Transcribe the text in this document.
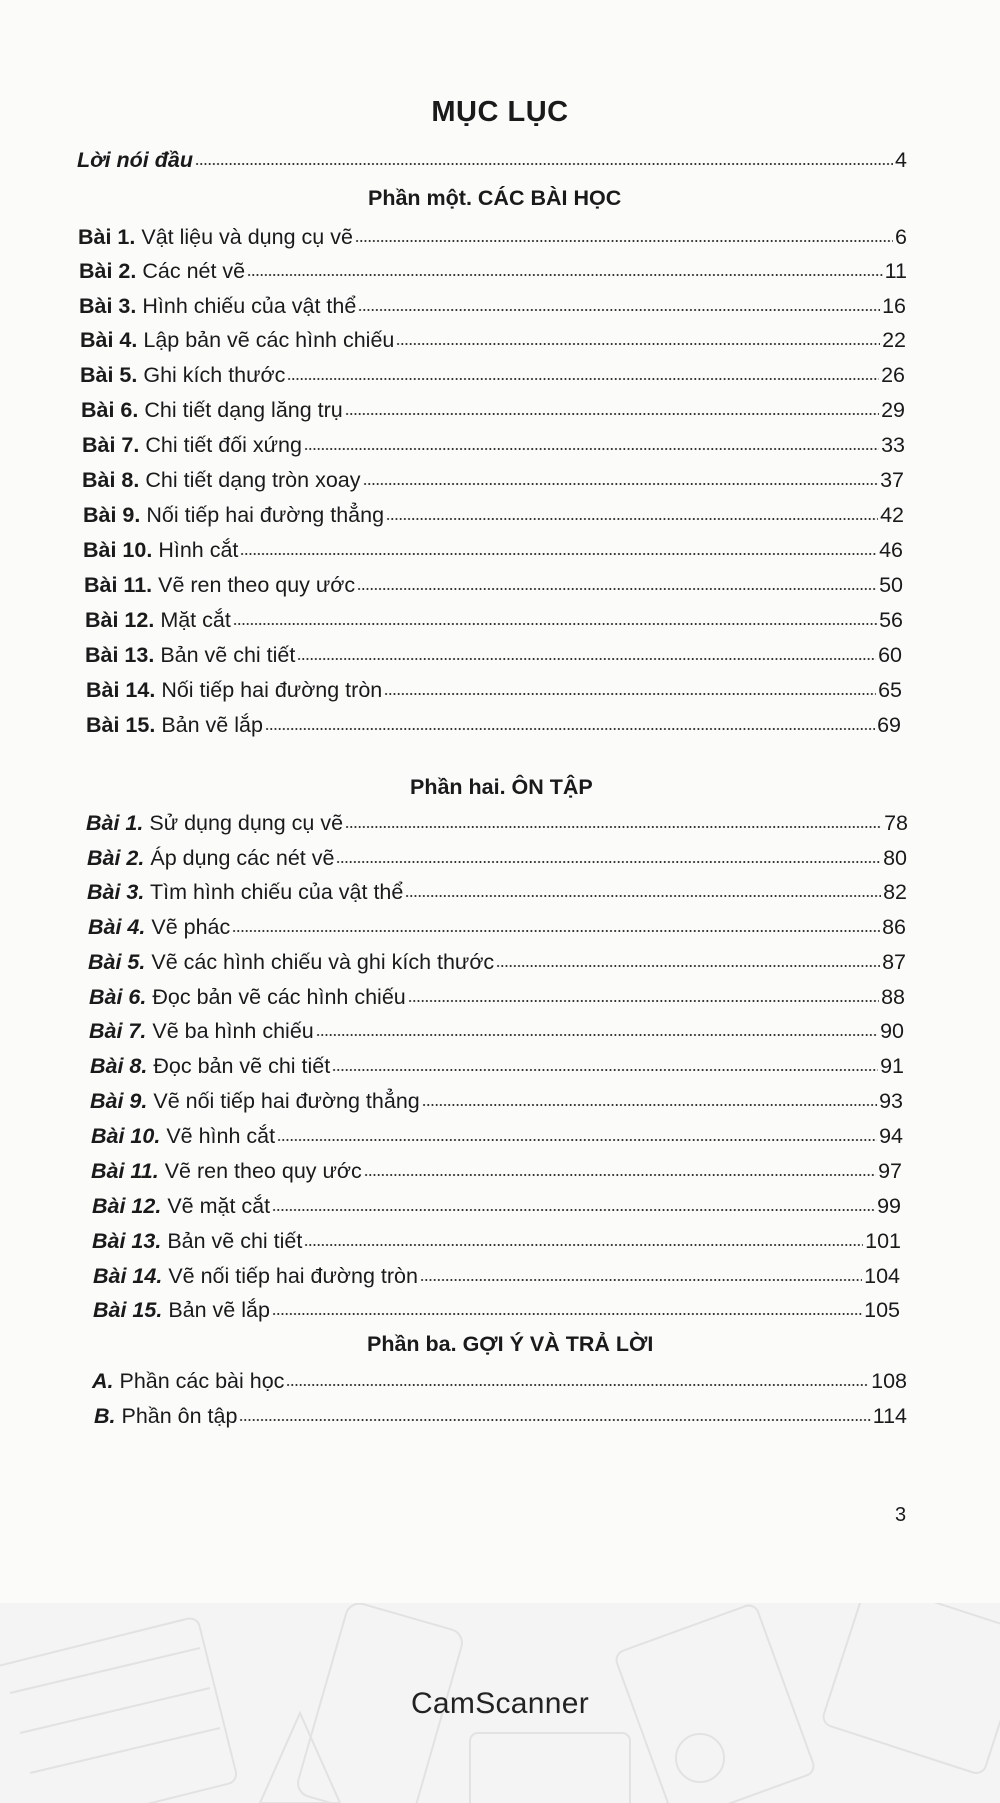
MỤC LỤC
Lời nói đầu	4
Phần một. CÁC BÀI HỌC
Bài 1. Vật liệu và dụng cụ vẽ	6
Bài 2. Các nét vẽ	11
Bài 3. Hình chiếu của vật thể	16
Bài 4. Lập bản vẽ các hình chiếu	22
Bài 5. Ghi kích thước	26
Bài 6. Chi tiết dạng lăng trụ	29
Bài 7. Chi tiết đối xứng	33
Bài 8. Chi tiết dạng tròn xoay	37
Bài 9. Nối tiếp hai đường thẳng	42
Bài 10. Hình cắt	46
Bài 11. Vẽ ren theo quy ước	50
Bài 12. Mặt cắt	56
Bài 13. Bản vẽ chi tiết	60
Bài 14. Nối tiếp hai đường tròn	65
Bài 15. Bản vẽ lắp	69
Phần hai. ÔN TẬP
Bài 1. Sử dụng dụng cụ vẽ	78
Bài 2. Áp dụng các nét vẽ	80
Bài 3. Tìm hình chiếu của vật thể	82
Bài 4. Vẽ phác	86
Bài 5. Vẽ các hình chiếu và ghi kích thước	87
Bài 6. Đọc bản vẽ các hình chiếu	88
Bài 7. Vẽ ba hình chiếu	90
Bài 8. Đọc bản vẽ chi tiết	91
Bài 9. Vẽ nối tiếp hai đường thẳng	93
Bài 10. Vẽ hình cắt	94
Bài 11. Vẽ ren theo quy ước	97
Bài 12. Vẽ mặt cắt	99
Bài 13. Bản vẽ chi tiết	101
Bài 14. Vẽ nối tiếp hai đường tròn	104
Bài 15. Bản vẽ lắp	105
Phần ba. GỢI Ý VÀ TRẢ LỜI
A. Phần các bài học	108
B. Phần ôn tập	114
3
CamScanner
